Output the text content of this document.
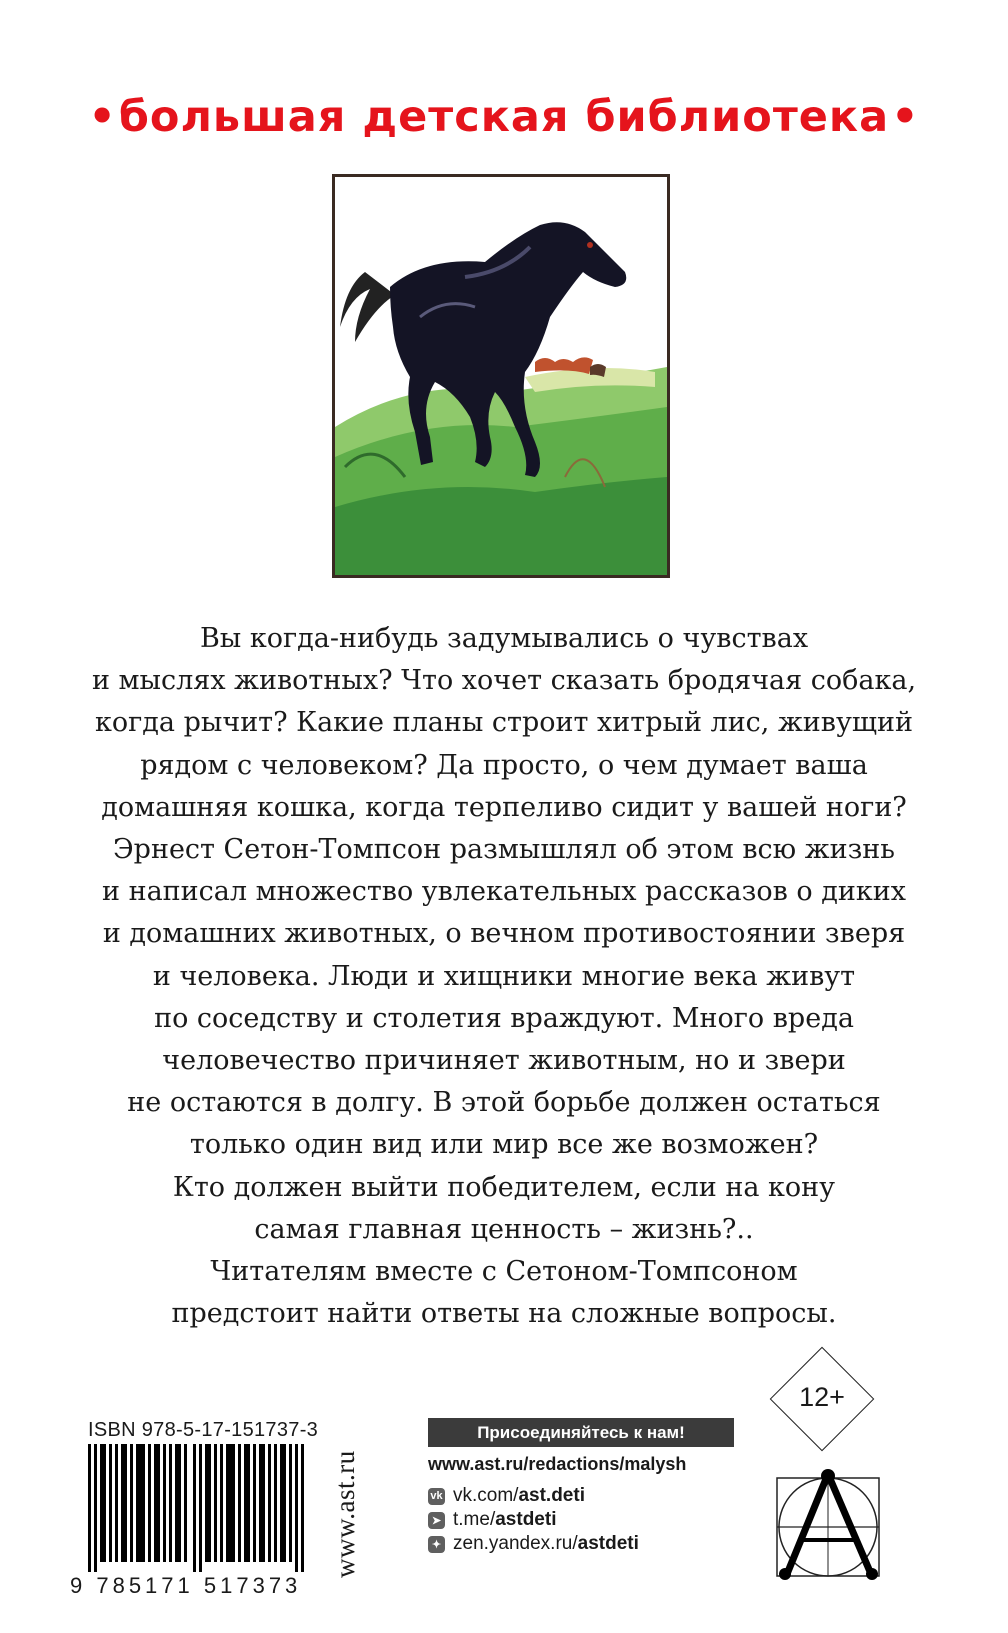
•большая детская библиотека•
Вы когда-нибудь задумывались о чувствах
и мыслях животных? Что хочет сказать бродячая собака,
когда рычит? Какие планы строит хитрый лис, живущий
рядом с человеком? Да просто, о чем думает ваша
домашняя кошка, когда терпеливо сидит у вашей ноги?
Эрнест Сетон-Томпсон размышлял об этом всю жизнь
и написал множество увлекательных рассказов о диких
и домашних животных, о вечном противостоянии зверя
и человека. Люди и хищники многие века живут
по соседству и столетия враждуют. Много вреда
человечество причиняет животным, но и звери
не остаются в долгу. В этой борьбе должен остаться
только один вид или мир все же возможен?
Кто должен выйти победителем, если на кону
самая главная ценность – жизнь?..
Читателям вместе с Сетоном-Томпсоном
предстоит найти ответы на сложные вопросы.
ISBN 978-5-17-151737-3
9 785171 517373
www.ast.ru
Присоединяйтесь к нам!
www.ast.ru/redactions/malysh
vk vk.com/ ast.deti
➤ t.me/ astdeti
✦ zen.yandex.ru/ astdeti
12+
